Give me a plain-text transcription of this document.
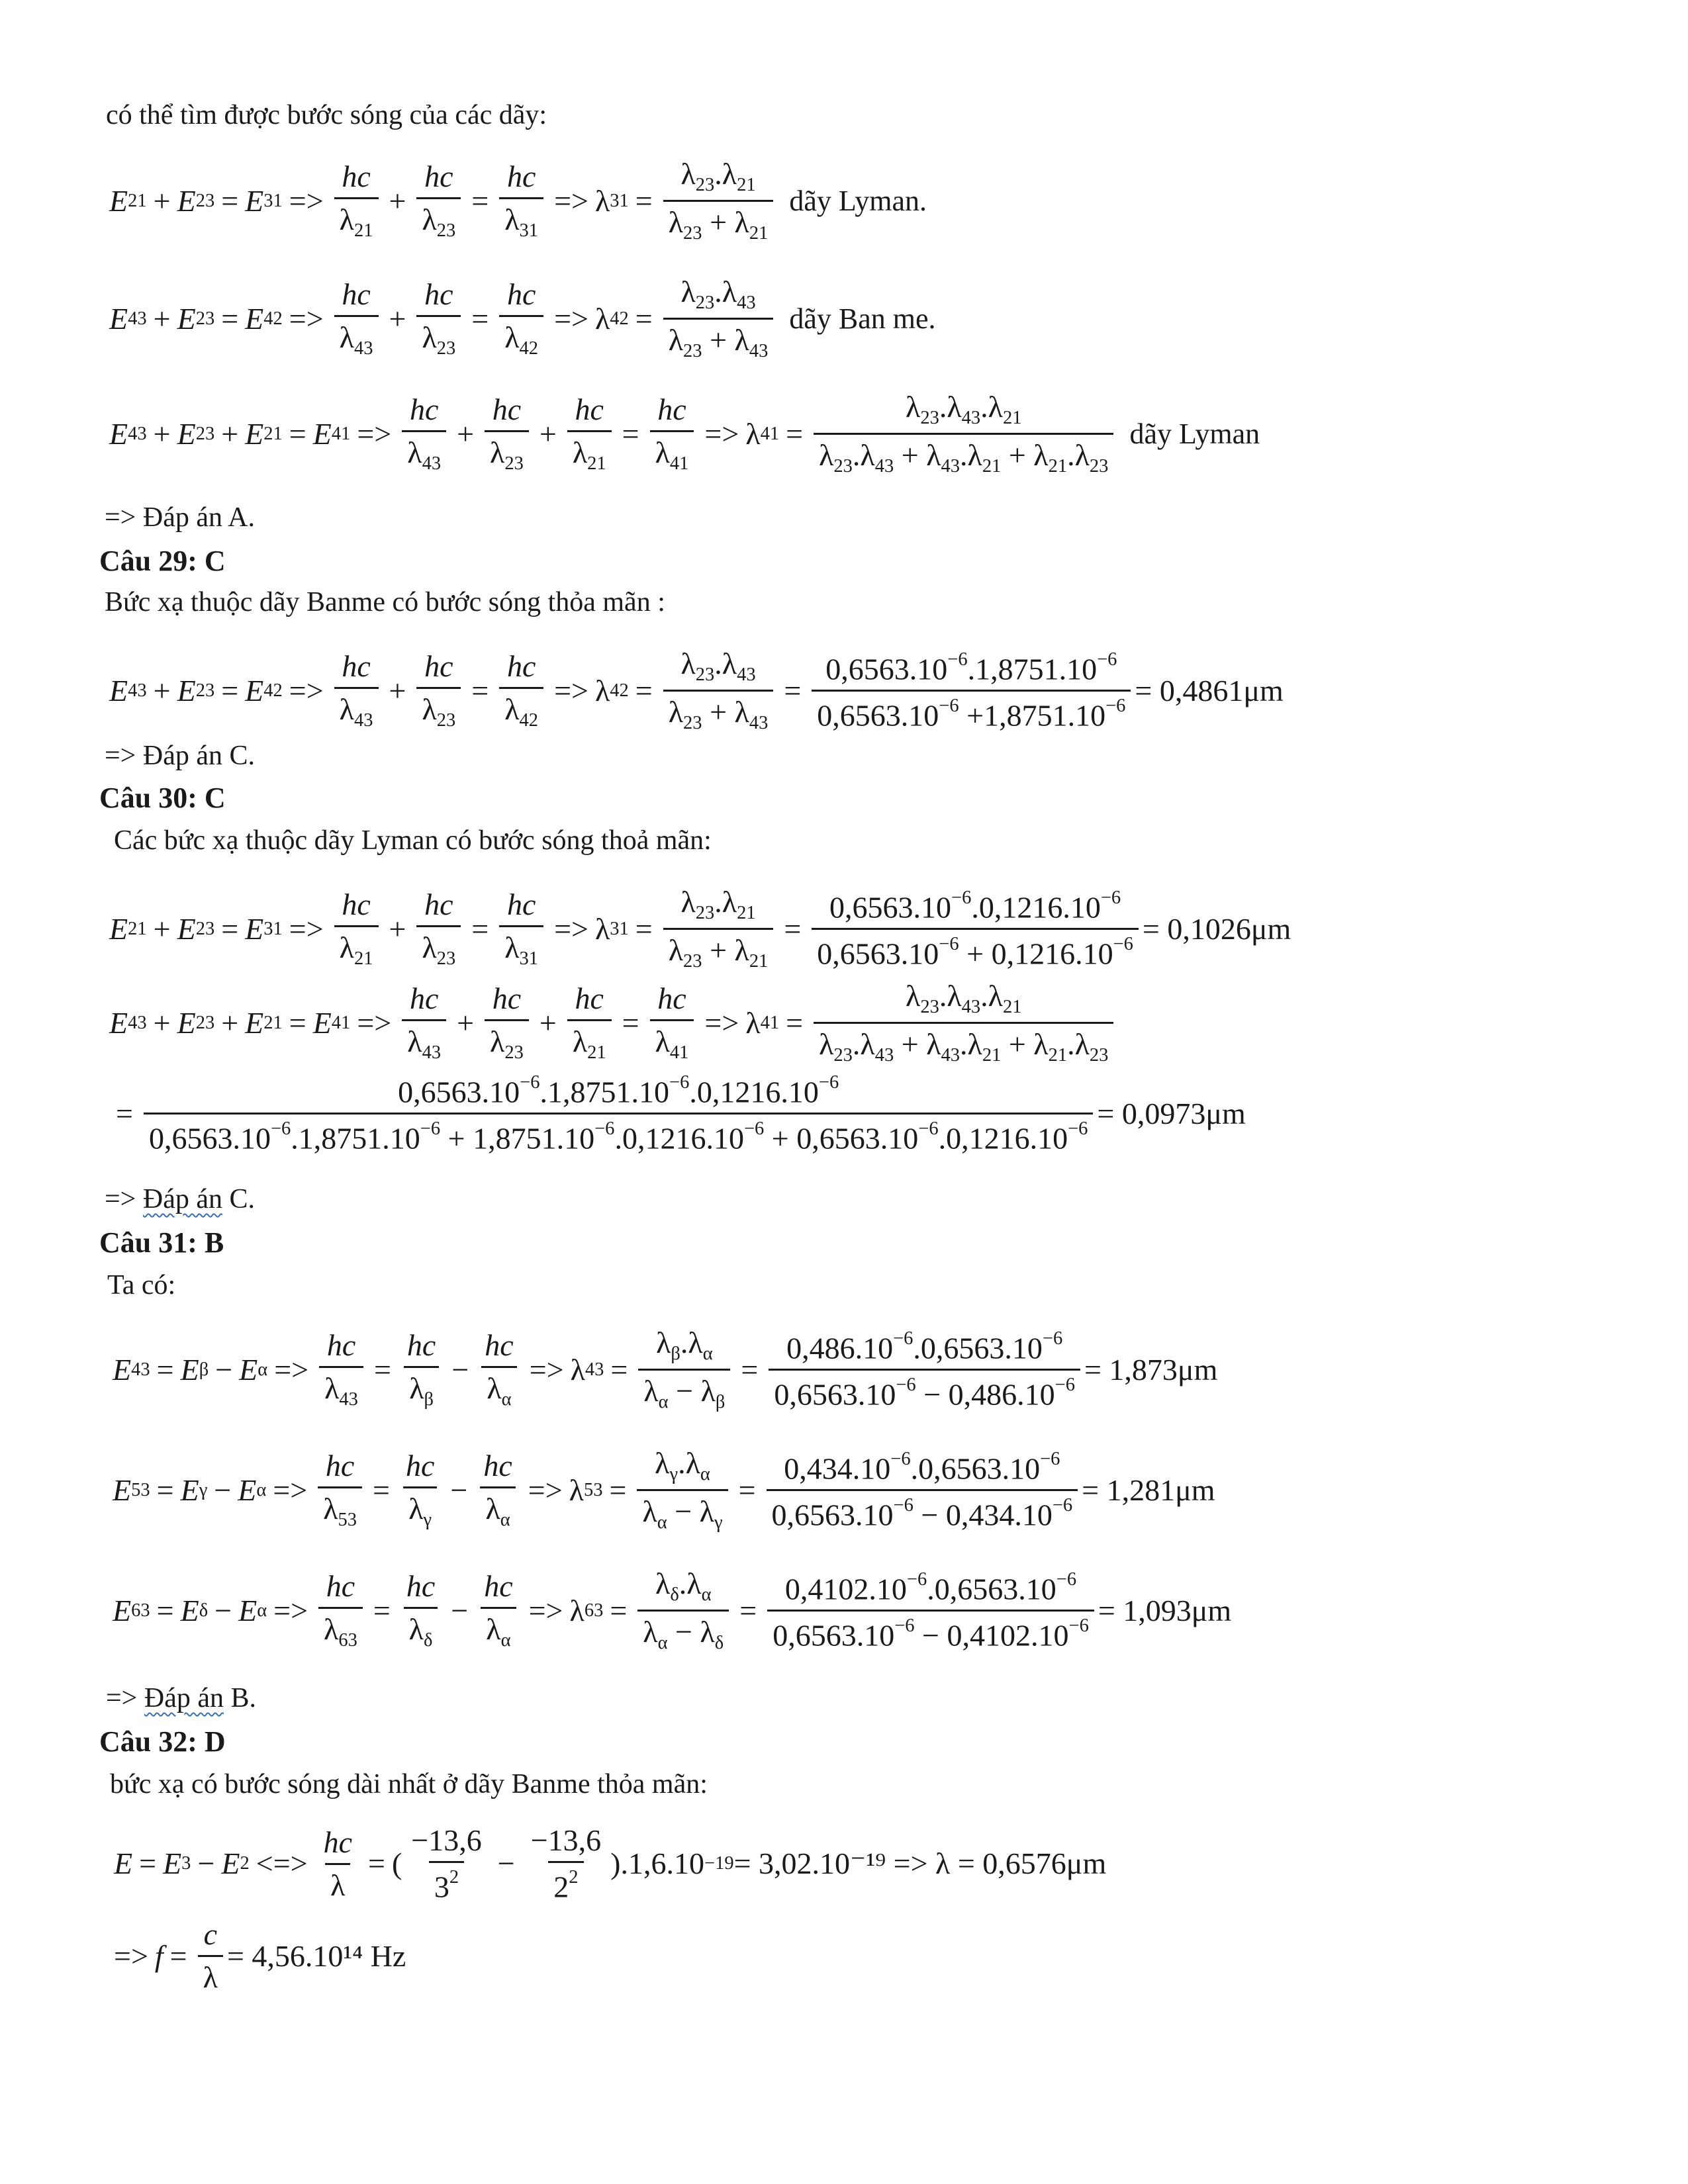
có thể tìm được bước sóng của các dãy:
E 21 + E 23 = E $31 => \frac{hc}{\lambda_{21}} + \frac{hc}{\lambda_{23}} = \frac{hc}{\lambda_{31}} => \lambda$ $31 = \frac{\lambda_{23}.\lambda_{21}}{\lambda_{23} + \lambda_{21}}$ dãy Lyman.
E 43 + E 23 = E $42 => \frac{hc}{\lambda_{43}} + \frac{hc}{\lambda_{23}} = \frac{hc}{\lambda_{42}} => \lambda$ $42 = \frac{\lambda_{23}.\lambda_{43}}{\lambda_{23} + \lambda_{43}}$ dãy Ban me.
E 43 + E 23 + E 21 = E $41 => \frac{hc}{\lambda_{43}} + \frac{hc}{\lambda_{23}} + \frac{hc}{\lambda_{21}} = \frac{hc}{\lambda_{41}} => \lambda$ $41 = \frac{\lambda_{23}.\lambda_{43}.\lambda_{21}}{\lambda_{23}.\lambda_{43} + \lambda_{43}.\lambda_{21} + \lambda_{21}.\lambda_{23}}$ dãy Lyman
=> Đáp án A.
Câu 29: C
Bức xạ thuộc dãy Banme có bước sóng thỏa mãn :
E 43 + E 23 = E $42 => \frac{hc}{\lambda_{43}} + \frac{hc}{\lambda_{23}} = \frac{hc}{\lambda_{42}} => \lambda$ $42 = \frac{\lambda_{23}.\lambda_{43}}{\lambda_{23} + \lambda_{43}} = \frac{0,6563.10^{-6}.1,8751.10^{-6}}{0,6563.10^{-6} +1,8751.10^{-6}} = 0,4861\mu m$
=> Đáp án C.
Câu 30: C
Các bức xạ thuộc dãy Lyman có bước sóng thoả mãn:
E 21 + E 23 = E $31 => \frac{hc}{\lambda_{21}} + \frac{hc}{\lambda_{23}} = \frac{hc}{\lambda_{31}} => \lambda$ $31 = \frac{\lambda_{23}.\lambda_{21}}{\lambda_{23} + \lambda_{21}} = \frac{0,6563.10^{-6}.0,1216.10^{-6}}{0,6563.10^{-6} + 0,1216.10^{-6}} = 0,1026\mu m$
E 43 + E 23 + E 21 = E $41 => \frac{hc}{\lambda_{43}} + \frac{hc}{\lambda_{23}} + \frac{hc}{\lambda_{21}} = \frac{hc}{\lambda_{41}} => \lambda$ $41 = \frac{\lambda_{23}.\lambda_{43}.\lambda_{21}}{\lambda_{23}.\lambda_{43} + \lambda_{43}.\lambda_{21} + \lambda_{21}.\lambda_{23}}$
=
$0,6563.10^{-6}.1,8751.10^{-6}.0,1216.10^{-6}$
$0,6563.10^{-6}.1,8751.10^{-6} + 1,8751.10^{-6}.0,1216.10^{-6} + 0,6563.10^{-6}.0,1216.10^{-6} = 0,0973\mu m$
=> Đáp án C.
Câu 31: B
Ta có:
E 43 = E β − E $\alpha => \frac{hc}{\lambda_{43}} = \frac{hc}{\lambda_\beta} - \frac{hc}{\lambda_\alpha} => \lambda$ $43 = \frac{\lambda_\beta.\lambda_\alpha}{\lambda_\alpha - \lambda_\beta} = \frac{0,486.10^{-6}.0,6563.10^{-6}}{0,6563.10^{-6} - 0,486.10^{-6}} = 1,873\mu m$
E 53 = E γ − E $\alpha => \frac{hc}{\lambda_{53}} = \frac{hc}{\lambda_\gamma} - \frac{hc}{\lambda_\alpha} => \lambda$ $53 = \frac{\lambda_\gamma.\lambda_\alpha}{\lambda_\alpha - \lambda_\gamma} = \frac{0,434.10^{-6}.0,6563.10^{-6}}{0,6563.10^{-6} - 0,434.10^{-6}} = 1,281\mu m$
E 63 = E δ − E $\alpha => \frac{hc}{\lambda_{63}} = \frac{hc}{\lambda_\delta} - \frac{hc}{\lambda_\alpha} => \lambda$ $63 = \frac{\lambda_\delta.\lambda_\alpha}{\lambda_\alpha - \lambda_\delta} = \frac{0,4102.10^{-6}.0,6563.10^{-6}}{0,6563.10^{-6} - 0,4102.10^{-6}} = 1,093\mu m$
=> Đáp án B.
Câu 32: D
bức xạ có bước sóng dài nhất ở dãy Banme thỏa mãn:
E = E 3 − E 2 <=> $\frac{hc}{\lambda}$ = ( $\frac{-13,6}{3^2} - \frac{-13,6}{2^2} ).1,6.10 -19 = 3,02.10^{-19} => \lambda = 0,6576\mu m$
=> $f = \frac{c}{\lambda} = 4,56.10^{14}$ Hz
